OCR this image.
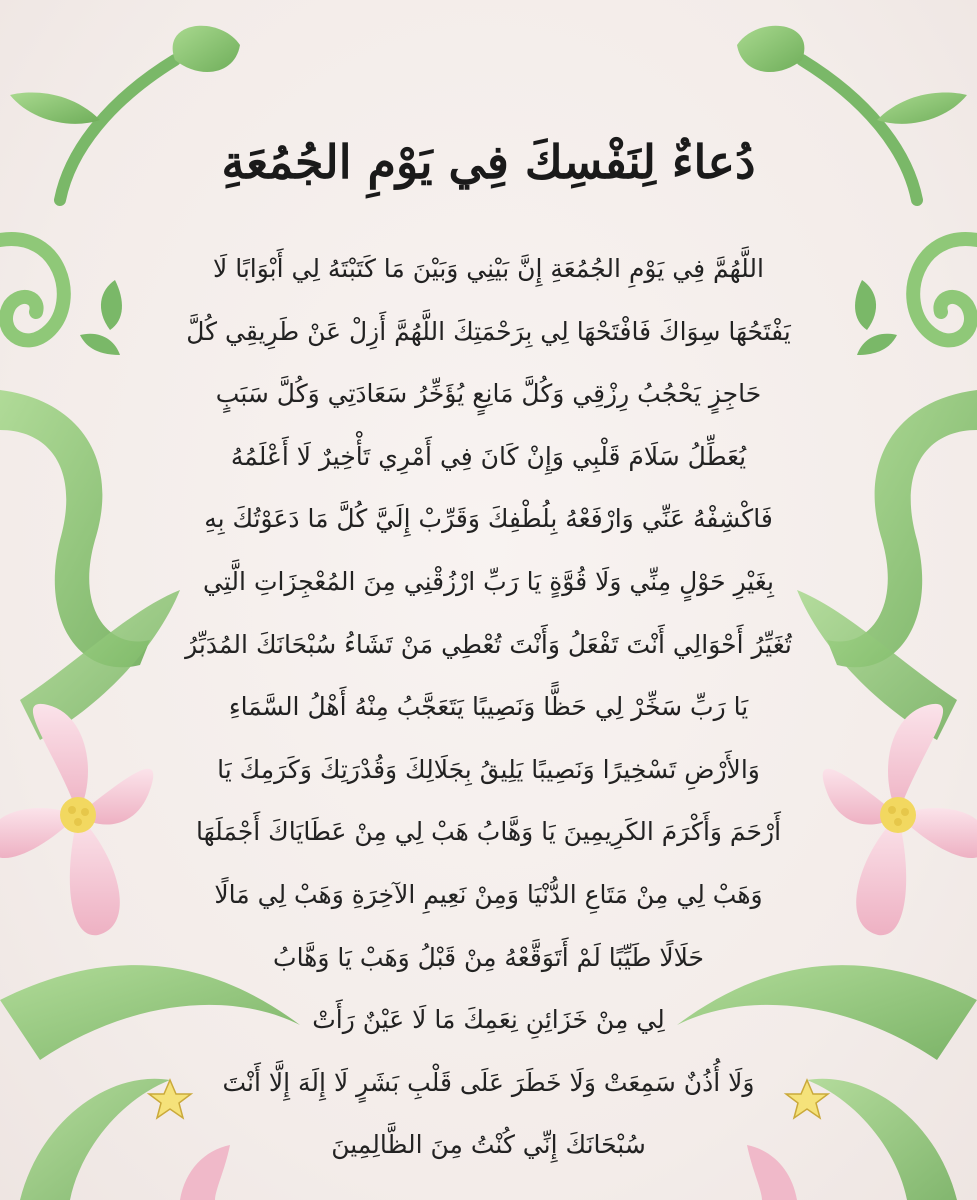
دُعاءٌ لِنَفْسِكَ فِي يَوْمِ الجُمُعَةِ
اللَّهُمَّ فِي يَوْمِ الجُمُعَةِ إِنَّ بَيْنِي وَبَيْنَ مَا كَتَبْتَهُ لِي أَبْوَابًا لَا
يَفْتَحُهَا سِوَاكَ فَافْتَحْهَا لِي بِرَحْمَتِكَ اللَّهُمَّ أَزِلْ عَنْ طَرِيقِي كُلَّ
حَاجِزٍ يَحْجُبُ رِزْقِي وَكُلَّ مَانِعٍ يُؤَخِّرُ سَعَادَتِي وَكُلَّ سَبَبٍ
يُعَطِّلُ سَلَامَ قَلْبِي وَإِنْ كَانَ فِي أَمْرِي تَأْخِيرٌ لَا أَعْلَمُهُ
فَاكْشِفْهُ عَنِّي وَارْفَعْهُ بِلُطْفِكَ وَقَرِّبْ إِلَيَّ كُلَّ مَا دَعَوْتُكَ بِهِ
بِغَيْرِ حَوْلٍ مِنِّي وَلَا قُوَّةٍ يَا رَبِّ ارْزُقْنِي مِنَ المُعْجِزَاتِ الَّتِي
تُغَيِّرُ أَحْوَالِي أَنْتَ تَفْعَلُ وَأَنْتَ تُعْطِي مَنْ تَشَاءُ سُبْحَانَكَ المُدَبِّرُ
يَا رَبِّ سَخِّرْ لِي حَظًّا وَنَصِيبًا يَتَعَجَّبُ مِنْهُ أَهْلُ السَّمَاءِ
وَالأَرْضِ تَسْخِيرًا وَنَصِيبًا يَلِيقُ بِجَلَالِكَ وَقُدْرَتِكَ وَكَرَمِكَ يَا
أَرْحَمَ وَأَكْرَمَ الكَرِيمِينَ يَا وَهَّابُ هَبْ لِي مِنْ عَطَايَاكَ أَجْمَلَهَا
وَهَبْ لِي مِنْ مَتَاعِ الدُّنْيَا وَمِنْ نَعِيمِ الآخِرَةِ وَهَبْ لِي مَالًا
حَلَالًا طَيِّبًا لَمْ أَتَوَقَّعْهُ مِنْ قَبْلُ وَهَبْ يَا وَهَّابُ
لِي مِنْ خَزَائِنِ نِعَمِكَ مَا لَا عَيْنٌ رَأَتْ
وَلَا أُذُنٌ سَمِعَتْ وَلَا خَطَرَ عَلَى قَلْبِ بَشَرٍ لَا إِلَهَ إِلَّا أَنْتَ
سُبْحَانَكَ إِنِّي كُنْتُ مِنَ الظَّالِمِينَ
